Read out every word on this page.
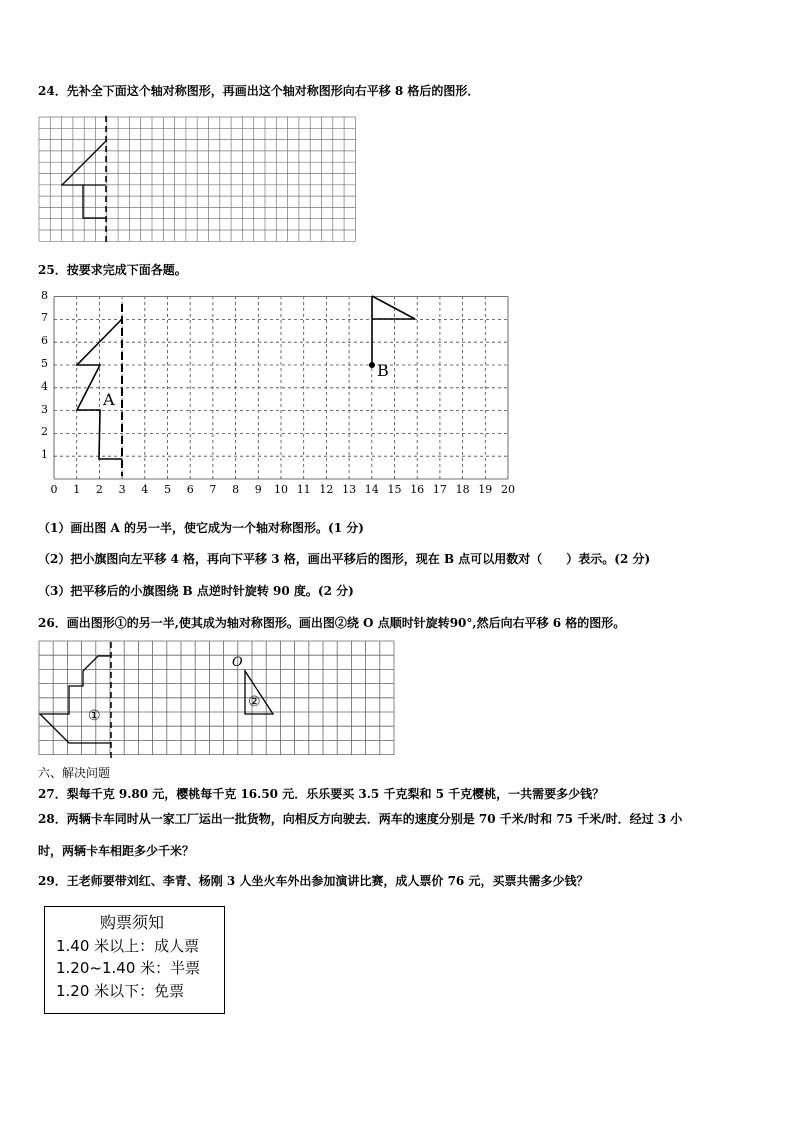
24．先补全下面这个轴对称图形，再画出这个轴对称图形向右平移 8 格后的图形．
25．按要求完成下面各题。
A
B
0	1	2	3	4	5	6	7	8	9	10 11 12 13 14 15 16 17 18 19 20
1
2
3
4
5
6
7
8
（1）画出图 A 的另一半，使它成为一个轴对称图形。(1 分)
（2）把小旗图向左平移 4 格，再向下平移 3 格，画出平移后的图形，现在 B 点可以用数对（　　）表示。(2 分)
（3）把平移后的小旗图绕 B 点逆时针旋转 90 度。(2 分)
26．画出图形①的另一半,使其成为轴对称图形。画出图②绕 O 点顺时针旋转90°,然后向右平移 6 格的图形。
①
②
O
六、解决问题
27．梨每千克 9.80 元，樱桃每千克 16.50 元．乐乐要买 3.5 千克梨和 5 千克樱桃，一共需要多少钱？
28．两辆卡车同时从一家工厂运出一批货物，向相反方向驶去．两车的速度分别是 70 千米/时和 75 千米/时．经过 3 小
时，两辆卡车相距多少千米？
29．王老师要带刘红、李青、杨刚 3 人坐火车外出参加演讲比赛，成人票价 76 元，买票共需多少钱？
购票须知
1.40 米以上：成人票
1.20~1.40 米：半票
1.20 米以下：免票
